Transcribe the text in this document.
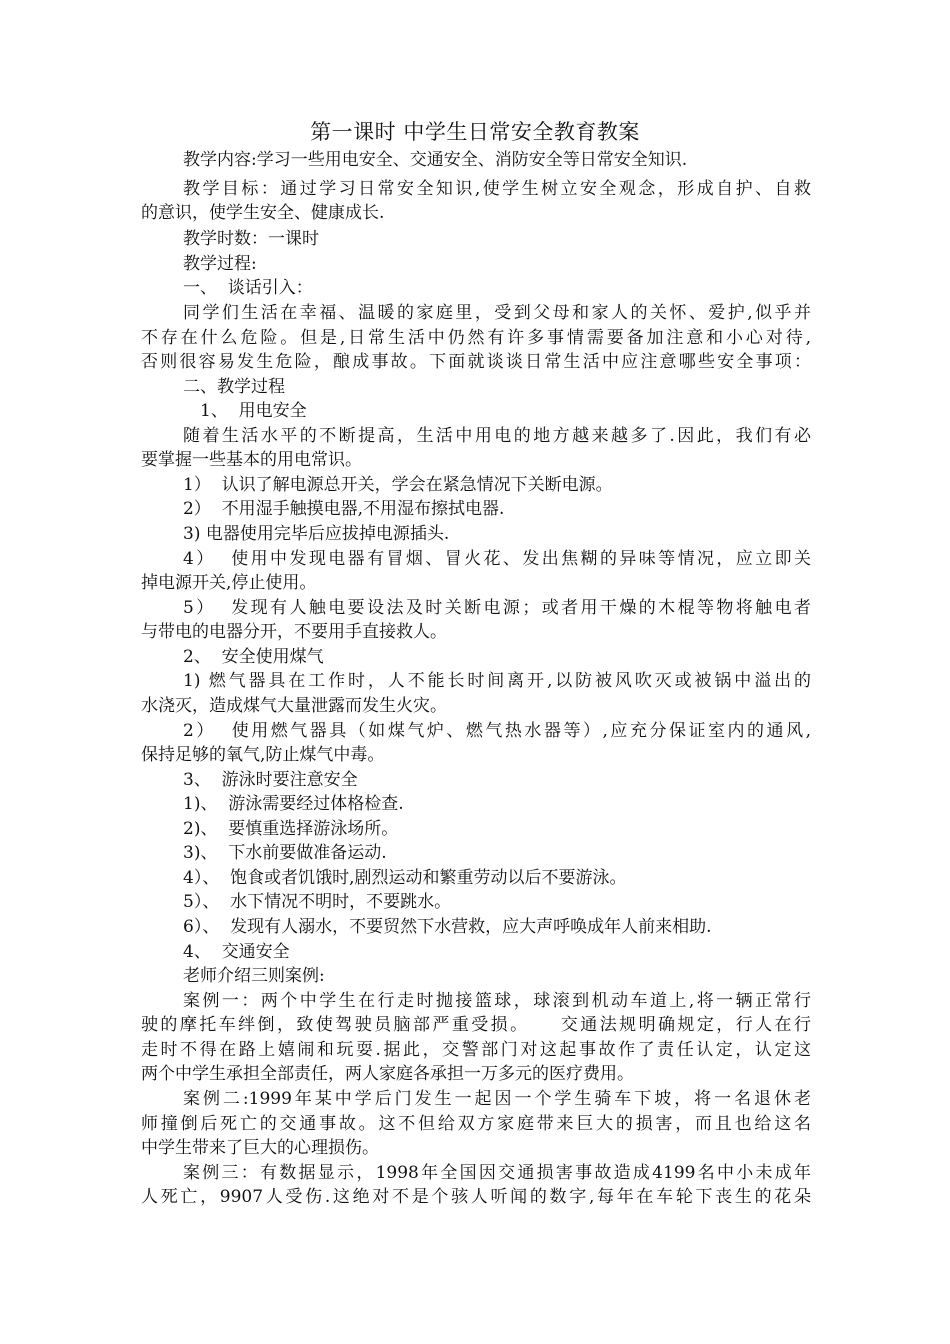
第一课时 中学生日常安全教育教案
教学内容:学习一些用电安全、交通安全、消防安全等日常安全知识.
教学目标：通过学习日常安全知识,使学生树立安全观念，形成自护、自救
的意识，使学生安全、健康成长.
教学时数：一课时
教学过程:
一、  谈话引入：
同学们生活在幸福、温暖的家庭里，受到父母和家人的关怀、爱护,似乎并
不存在什么危险。但是,日常生活中仍然有许多事情需要备加注意和小心对待,
否则很容易发生危险，酿成事故。下面就谈谈日常生活中应注意哪些安全事项：
二、教学过程
1、  用电安全
随着生活水平的不断提高，生活中用电的地方越来越多了.因此，我们有必
要掌握一些基本的用电常识。
1）  认识了解电源总开关，学会在紧急情况下关断电源。
2）  不用湿手触摸电器,不用湿布擦拭电器.
3) 电器使用完毕后应拔掉电源插头.
4）  使用中发现电器有冒烟、冒火花、发出焦糊的异味等情况，应立即关
掉电源开关,停止使用。
5）  发现有人触电要设法及时关断电源；或者用干燥的木棍等物将触电者
与带电的电器分开，不要用手直接救人。
2、  安全使用煤气
1) 燃气器具在工作时，人不能长时间离开,以防被风吹灭或被锅中溢出的
水浇灭，造成煤气大量泄露而发生火灾。
2）  使用燃气器具（如煤气炉、燃气热水器等）,应充分保证室内的通风,
保持足够的氧气,防止煤气中毒。
3、  游泳时要注意安全
1)、  游泳需要经过体格检查.
2)、  要慎重选择游泳场所。
3)、  下水前要做准备运动.
4）、  饱食或者饥饿时,剧烈运动和繁重劳动以后不要游泳。
5）、  水下情况不明时，不要跳水。
6）、  发现有人溺水，不要贸然下水营救，应大声呼唤成年人前来相助.
4、  交通安全
老师介绍三则案例:
案例一：两个中学生在行走时抛接篮球，球滚到机动车道上,将一辆正常行
驶的摩托车绊倒，致使驾驶员脑部严重受损。    交通法规明确规定，行人在行
走时不得在路上嬉闹和玩耍.据此，交警部门对这起事故作了责任认定，认定这
两个中学生承担全部责任，两人家庭各承担一万多元的医疗费用。
案例二:1999年某中学后门发生一起因一个学生骑车下坡，将一名退休老
师撞倒后死亡的交通事故。这不但给双方家庭带来巨大的损害，而且也给这名
中学生带来了巨大的心理损伤。
案例三：有数据显示，1998年全国因交通损害事故造成4199名中小未成年
人死亡，9907人受伤.这绝对不是个骇人听闻的数字,每年在车轮下丧生的花朵
